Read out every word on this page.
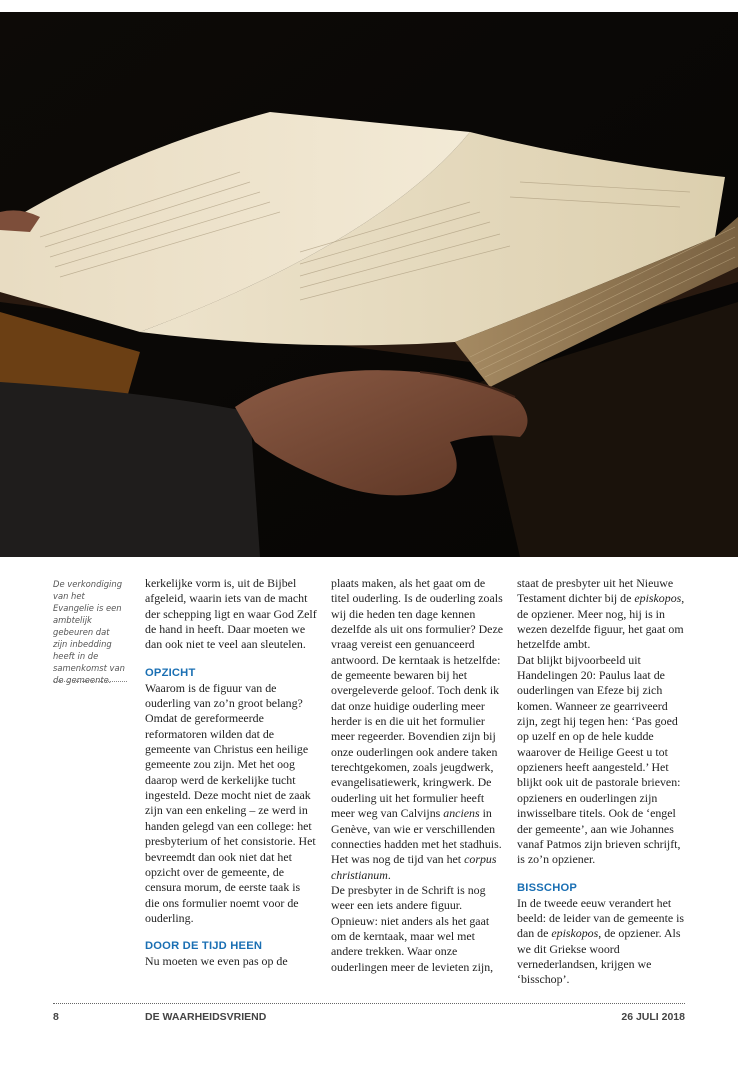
De verkondiging van het Evangelie is een ambtelijk gebeuren dat zijn inbedding heeft in de samenkomst van de gemeente.

kerkelijke vorm is, uit de Bijbel afgeleid, waarin iets van de macht der schepping ligt en waar God Zelf de hand in heeft. Daar moeten we dan ook niet te veel aan sleutelen.

OPZICHT

Waarom is de figuur van de ouderling van zo’n groot belang? Omdat de gereformeerde reformatoren wilden dat de gemeente van Christus een heilige gemeente zou zijn. Met het oog daarop werd de kerkelijke tucht ingesteld. Deze mocht niet de zaak zijn van een enkeling – ze werd in handen gelegd van een college: het presbyterium of het consistorie. Het bevreemdt dan ook niet dat het opzicht over de gemeente, de censura morum, de eerste taak is die ons formulier noemt voor de ouderling.

DOOR DE TIJD HEEN

Nu moeten we even pas op de

plaats maken, als het gaat om de titel ouderling. Is de ouderling zoals wij die heden ten dage kennen dezelfde als uit ons formulier? Deze vraag vereist een genuanceerd antwoord. De kerntaak is hetzelfde: de gemeente bewaren bij het overgeleverde geloof. Toch denk ik dat onze huidige ouderling meer herder is en die uit het formulier meer regeerder. Bovendien zijn bij onze ouderlingen ook andere taken terechtgekomen, zoals jeugdwerk, evangelisatiewerk, kringwerk. De ouderling uit het formulier heeft meer weg van Calvijns anciens in Genève, van wie er verschillenden connecties hadden met het stadhuis. Het was nog de tijd van het corpus christianum.

De presbyter in de Schrift is nog weer een iets andere figuur. Opnieuw: niet anders als het gaat om de kerntaak, maar wel met andere trekken. Waar onze ouderlingen meer de levieten zijn,

staat de presbyter uit het Nieuwe Testament dichter bij de episkopos, de opziener. Meer nog, hij is in wezen dezelfde figuur, het gaat om hetzelfde ambt.

Dat blijkt bijvoorbeeld uit Handelingen 20: Paulus laat de ouderlingen van Efeze bij zich komen. Wanneer ze gearriveerd zijn, zegt hij tegen hen: ‘Pas goed op uzelf en op de hele kudde waarover de Heilige Geest u tot opzieners heeft aangesteld.’ Het blijkt ook uit de pastorale brieven: opzieners en ouderlingen zijn inwisselbare titels. Ook de ‘engel der gemeente’, aan wie Johannes vanaf Patmos zijn brieven schrijft, is zo’n opziener.

BISSCHOP

In de tweede eeuw verandert het beeld: de leider van de gemeente is dan de episkopos, de opziener. Als we dit Griekse woord vernederlandsen, krijgen we ‘bisschop’.

8	DE WAARHEIDSVRIEND	26 JULI 2018
